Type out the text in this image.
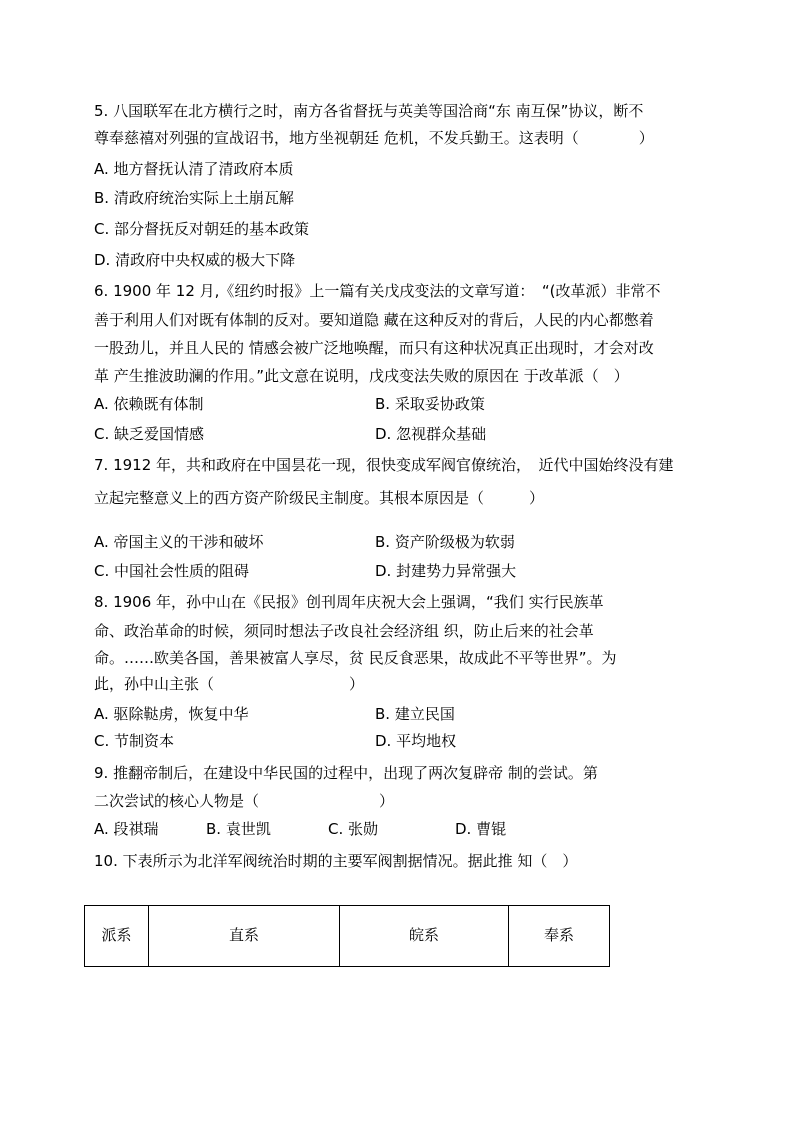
5. 八国联军在北方横行之时，南方各省督抚与英美等国洽商“东 南互保”协议，断不
尊奉慈禧对列强的宣战诏书，地方坐视朝廷 危机，不发兵勤王。这表明（　　　　）
A. 地方督抚认清了清政府本质
B. 清政府统治实际上土崩瓦解
C. 部分督抚反对朝廷的基本政策
D. 清政府中央权威的极大下降
6. 1900 年 12 月,《纽约时报》上一篇有关戊戌变法的文章写道：　“(改革派）非常不
善于利用人们对既有体制的反对。要知道隐 藏在这种反对的背后，人民的内心都憋着
一股劲儿，并且人民的 情感会被广泛地唤醒，而只有这种状况真正出现时，才会对改
革 产生推波助澜的作用。”此文意在说明，戊戌变法失败的原因在 于改革派（　）
A. 依赖既有体制	B. 采取妥协政策
C. 缺乏爱国情感	D. 忽视群众基础
7. 1912 年，共和政府在中国昙花一现，很快变成军阀官僚统治，　近代中国始终没有建
立起完整意义上的西方资产阶级民主制度。其根本原因是（　　　）
A. 帝国主义的干涉和破坏	B. 资产阶级极为软弱
C. 中国社会性质的阻碍	D. 封建势力异常强大
8. 1906 年，孙中山在《民报》创刊周年庆祝大会上强调，“我们 实行民族革
命、政治革命的时候，须同时想法子改良社会经济组 织，防止后来的社会革
命。……欧美各国，善果被富人享尽，贫 民反食恶果，故成此不平等世界”。为
此，孙中山主张（　　　　　　　　　）
A. 驱除鞑虏，恢复中华	B. 建立民国
C. 节制资本	D. 平均地权
9. 推翻帝制后，在建设中华民国的过程中，出现了两次复辟帝 制的尝试。第
二次尝试的核心人物是（　　　　　　　　）
A. 段祺瑞	B. 袁世凯	C. 张勋	D. 曹锟
10. 下表所示为北洋军阀统治时期的主要军阀割据情况。据此推 知（　）
派系	直系	皖系	奉系
